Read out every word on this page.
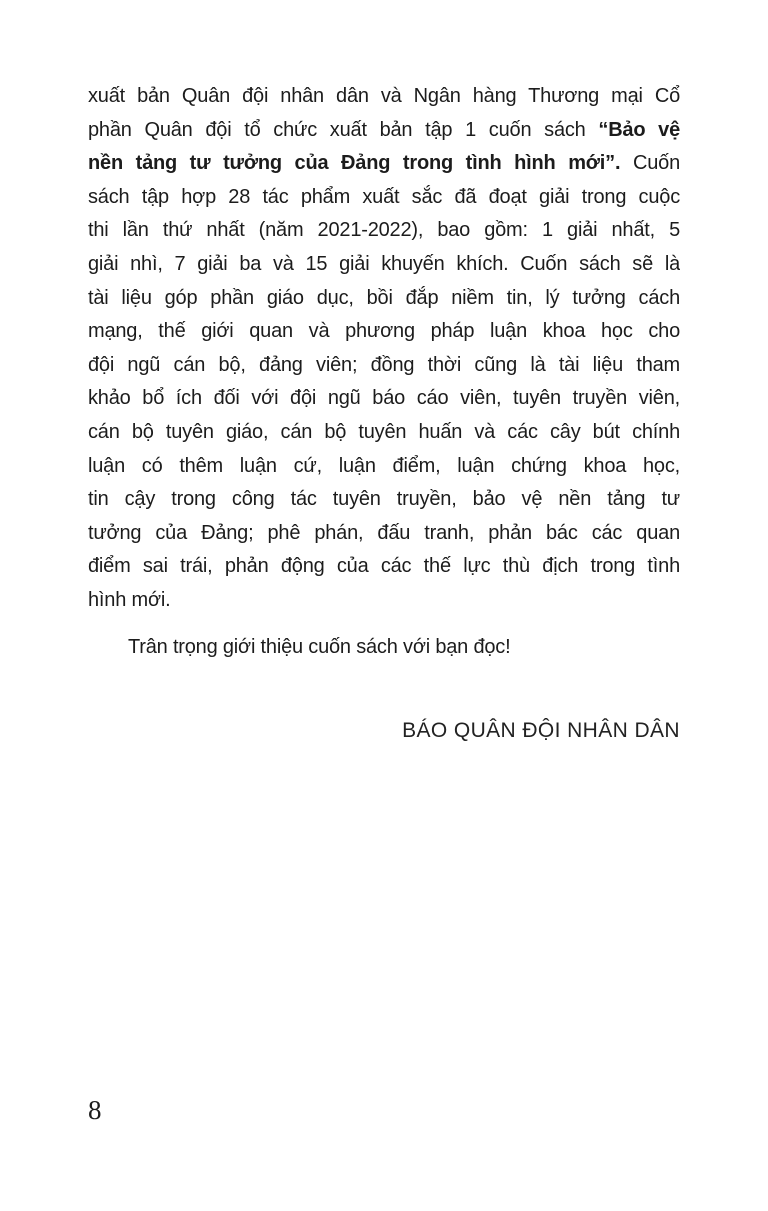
xuất bản Quân đội nhân dân và Ngân hàng Thương mại Cổ
phần Quân đội tổ chức xuất bản tập 1 cuốn sách “Bảo vệ
nền tảng tư tưởng của Đảng trong tình hình mới”. Cuốn
sách tập hợp 28 tác phẩm xuất sắc đã đoạt giải trong cuộc
thi lần thứ nhất (năm 2021-2022), bao gồm: 1 giải nhất, 5
giải nhì, 7 giải ba và 15 giải khuyến khích. Cuốn sách sẽ là
tài liệu góp phần giáo dục, bồi đắp niềm tin, lý tưởng cách
mạng, thế giới quan và phương pháp luận khoa học cho
đội ngũ cán bộ, đảng viên; đồng thời cũng là tài liệu tham
khảo bổ ích đối với đội ngũ báo cáo viên, tuyên truyền viên,
cán bộ tuyên giáo, cán bộ tuyên huấn và các cây bút chính
luận có thêm luận cứ, luận điểm, luận chứng khoa học,
tin cậy trong công tác tuyên truyền, bảo vệ nền tảng tư
tưởng của Đảng; phê phán, đấu tranh, phản bác các quan
điểm sai trái, phản động của các thế lực thù địch trong tình
hình mới.
Trân trọng giới thiệu cuốn sách với bạn đọc!
BÁO QUÂN ĐỘI NHÂN DÂN
8
